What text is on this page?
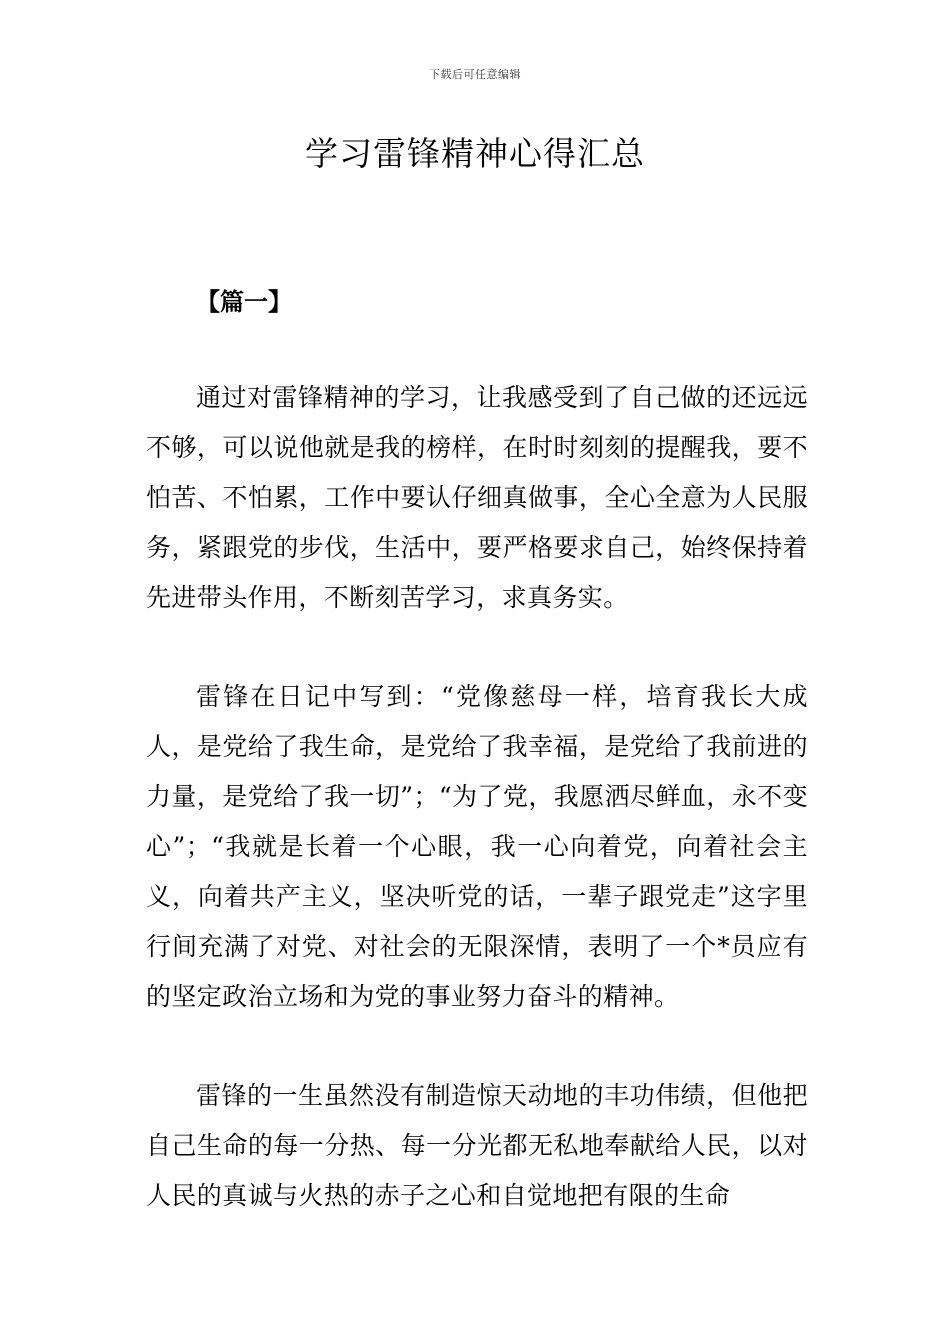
下载后可任意编辑
学习雷锋精神心得汇总
【篇一】

通过对雷锋精神的学习，让我感受到了自己做的还远远不够，可以说他就是我的榜样，在时时刻刻的提醒我，要不怕苦、不怕累，工作中要认仔细真做事，全心全意为人民服务，紧跟党的步伐，生活中，要严格要求自己，始终保持着先进带头作用，不断刻苦学习，求真务实。

雷锋在日记中写到：“党像慈母一样，培育我长大成人，是党给了我生命，是党给了我幸福，是党给了我前进的力量，是党给了我一切”；“为了党，我愿洒尽鲜血，永不变心”；“我就是长着一个心眼，我一心向着党，向着社会主义，向着共产主义，坚决听党的话，一辈子跟党走”这字里行间充满了对党、对社会的无限深情，表明了一个*员应有的坚定政治立场和为党的事业努力奋斗的精神。

雷锋的一生虽然没有制造惊天动地的丰功伟绩，但他把自己生命的每一分热、每一分光都无私地奉献给人民，以对人民的真诚与火热的赤子之心和自觉地把有限的生命
